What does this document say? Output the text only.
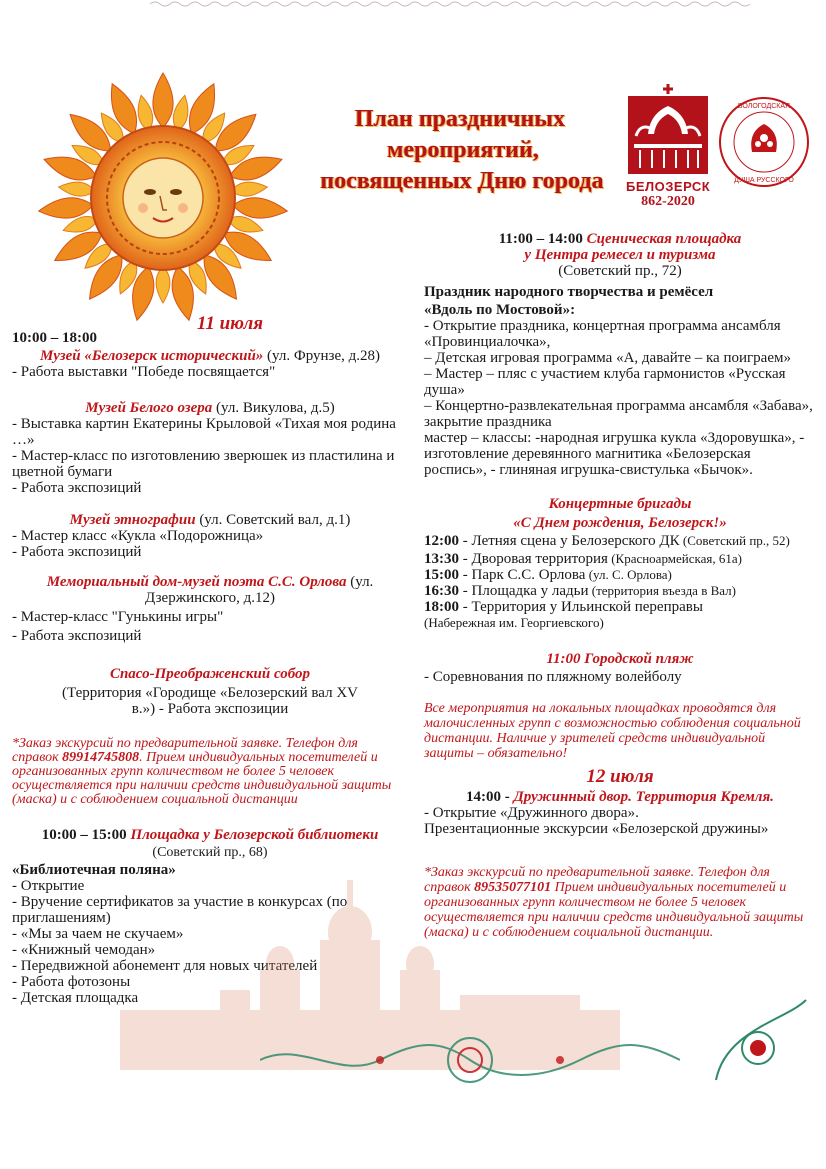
План праздничных
мероприятий,
посвященных Дню города	БЕЛОЗЕРСК
862-2020
ВОЛОГОДСКАЯ
ДУША РУССКОГО
11 июля
10:00 – 18:00
Музей «Белозерск исторический» (ул. Фрунзе, д.28)
- Работа выставки "Победе посвящается"
Музей Белого озера (ул. Викулова, д.5)
- Выставка картин Екатерины Крыловой «Тихая моя родина …»
- Мастер-класс по изготовлению зверюшек из пластилина и цветной бумаги
- Работа экспозиций
Музей этнографии (ул. Советский вал, д.1)
- Мастер класс «Кукла «Подорожница»
- Работа экспозиций
Мемориальный дом-музей поэта С.С. Орлова (ул. Дзержинского, д.12)
- Мастер-класс "Гунькины игры"
- Работа экспозиций
Спасо-Преображенский собор
(Территория «Городище «Белозерский вал XV в.») - Работа экспозиции
*Заказ экскурсий по предварительной заявке. Телефон для справок 89914745808. Прием индивидуальных посетителей и организованных групп количеством не более 5 человек осуществляется при наличии средств индивидуальной защиты (маска) и с соблюдением социальной дистанции
10:00 – 15:00 Площадка у Белозерской библиотеки
(Советский пр., 68)
«Библиотечная поляна»
- Открытие
- Вручение сертификатов за участие в конкурсах (по приглашениям)
- «Мы за чаем не скучаем»
- «Книжный чемодан»
- Передвижной абонемент для новых читателей
- Работа фотозоны
- Детская площадка
11:00 – 14:00 Сценическая площадка
у Центра ремесел и туризма
(Советский пр., 72)
Праздник народного творчества и ремёсел
«Вдоль по Мостовой»:
- Открытие праздника, концертная программа ансамбля «Провинциалочка»,
– Детская игровая программа «А, давайте – ка поиграем»
– Мастер – пляс с участием клуба гармонистов «Русская душа»
– Концертно-развлекательная программа ансамбля «Забава», закрытие праздника
мастер – классы: -народная игрушка кукла «Здоровушка», - изготовление деревянного магнитика «Белозерская роспись», - глиняная игрушка-свистулька «Бычок».
Концертные бригады
«С Днем рождения, Белозерск!»
12:00 - Летняя сцена у Белозерского ДК (Советский пр., 52)
13:30 - Дворовая территория (Красноармейская, 61а)
15:00 - Парк С.С. Орлова (ул. С. Орлова)
16:30 - Площадка у ладьи (территория въезда в Вал)
18:00 - Территория у Ильинской переправы
(Набережная им. Георгиевского)
11:00 Городской пляж
- Соревнования по пляжному волейболу
Все мероприятия на локальных площадках проводятся для малочисленных групп с возможностью соблюдения социальной дистанции. Наличие у зрителей средств индивидуальной защиты – обязательно!
12 июля
14:00 - Дружинный двор. Территория Кремля.
- Открытие «Дружинного двора».
Презентационные экскурсии «Белозерской дружины»
*Заказ экскурсий по предварительной заявке. Телефон для справок 89535077101 Прием индивидуальных посетителей и организованных групп количеством не более 5 человек осуществляется при наличии средств индивидуальной защиты (маска) и с соблюдением социальной дистанции.
